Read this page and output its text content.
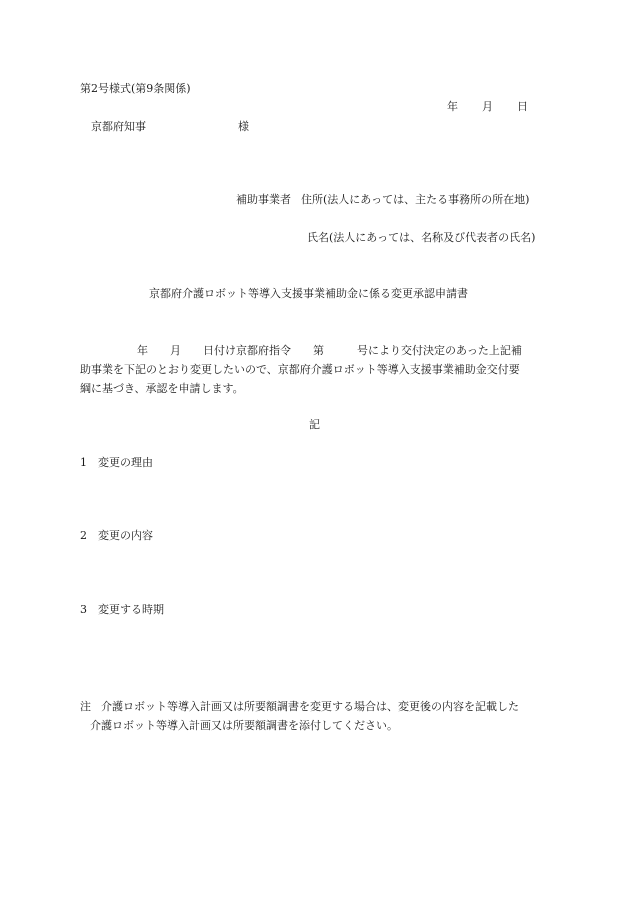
第2号様式(第9条関係)
年 月 日
京都府知事	様
補助事業者 住所(法人にあっては、主たる事務所の所在地)
氏名(法人にあっては、名称及び代表者の氏名)
京都府介護ロボット等導入支援事業補助金に係る変更承認申請書
年　　月　　日付け京都府指令　　第　　　号により交付決定のあった上記補
助事業を下記のとおり変更したいので、京都府介護ロボット等導入支援事業補助金交付要
綱に基づき、承認を申請します。
記
1 変更の理由
2 変更の内容
3 変更する時期
注 介護ロボット等導入計画又は所要額調書を変更する場合は、変更後の内容を記載した
介護ロボット等導入計画又は所要額調書を添付してください。
